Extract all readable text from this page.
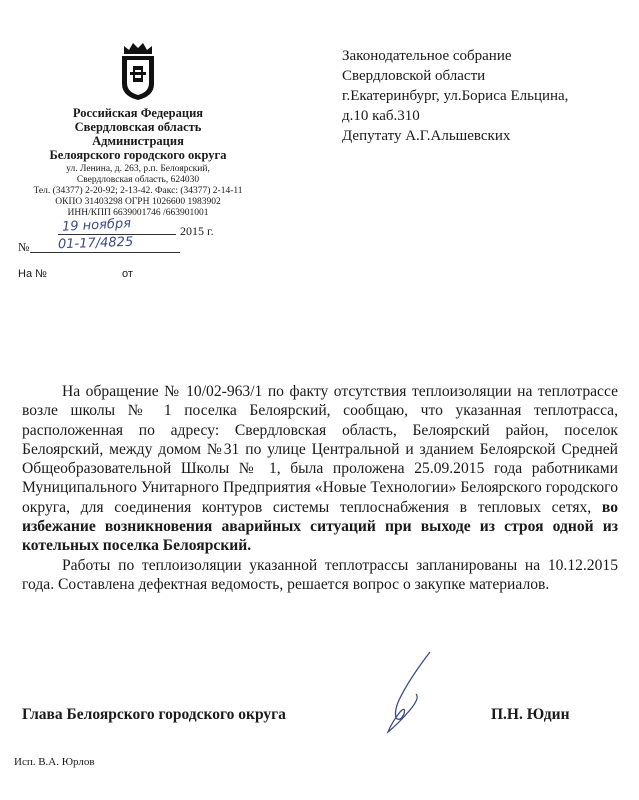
Российская Федерация
Свердловская область
Администрация
Белоярского городского округа
ул. Ленина, д. 263, р.п. Белоярский,
Свердловская область, 624030
Тел. (34377) 2-20-92; 2-13-42. Факс: (34377) 2-14-11
ОКПО 31403298 ОГРН 1026600 1983902
ИНН/КПП 6639001746 /663901001
19 ноября	2015 г.
№ 01-17/4825
На №	от
Законодательное собрание
Свердловской области
г.Екатеринбург, ул.Бориса Ельцина,
д.10 каб.310
Депутату А.Г.Альшевских

На обращение № 10/02-963/1 по факту отсутствия теплоизоляции на теплотрассе возле школы № 1 поселка Белоярский, сообщаю, что указанная теплотрасса, расположенная по адресу: Свердловская область, Белоярский район, поселок Белоярский, между домом №31 по улице Центральной и зданием Белоярской Средней Общеобразовательной Школы № 1, была проложена 25.09.2015 года работниками Муниципального Унитарного Предприятия «Новые Технологии» Белоярского городского округа, для соединения контуров системы теплоснабжения в тепловых сетях, во избежание возникновения аварийных ситуаций при выходе из строя одной из котельных поселка Белоярский.

Работы по теплоизоляции указанной теплотрассы запланированы на 10.12.2015 года. Составлена дефектная ведомость, решается вопрос о закупке материалов.

Глава Белоярского городского округа	П.Н. Юдин
Исп. В.А. Юрлов
